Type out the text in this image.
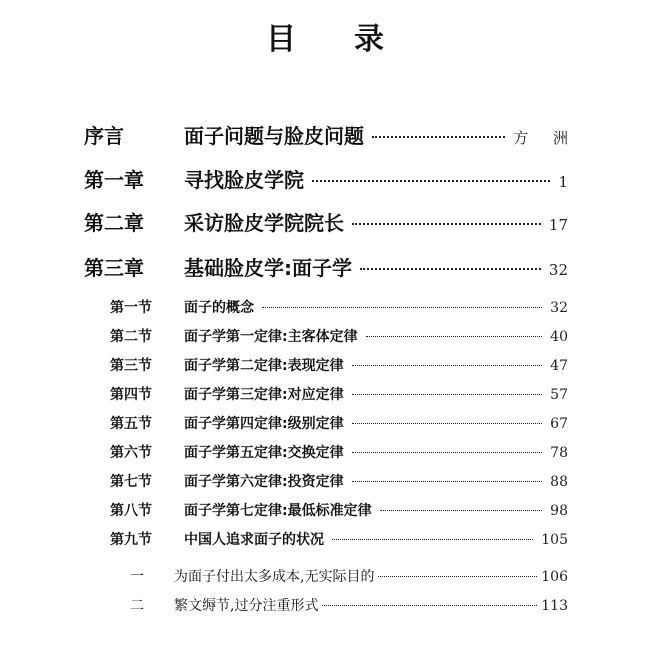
目 录
序言	面子问题与脸皮问题	方 洲
第一章	寻找脸皮学院	1
第二章	采访脸皮学院院长	17
第三章	基础脸皮学:面子学	32
第一节	面子的概念	32
第二节	面子学第一定律:主客体定律	40
第三节	面子学第二定律:表现定律	47
第四节	面子学第三定律:对应定律	57
第五节	面子学第四定律:级别定律	67
第六节	面子学第五定律:交换定律	78
第七节	面子学第六定律:投资定律	88
第八节	面子学第七定律:最低标准定律	98
第九节	中国人追求面子的状况	105
一	为面子付出太多成本,无实际目的	106
二	繁文缛节,过分注重形式	113
